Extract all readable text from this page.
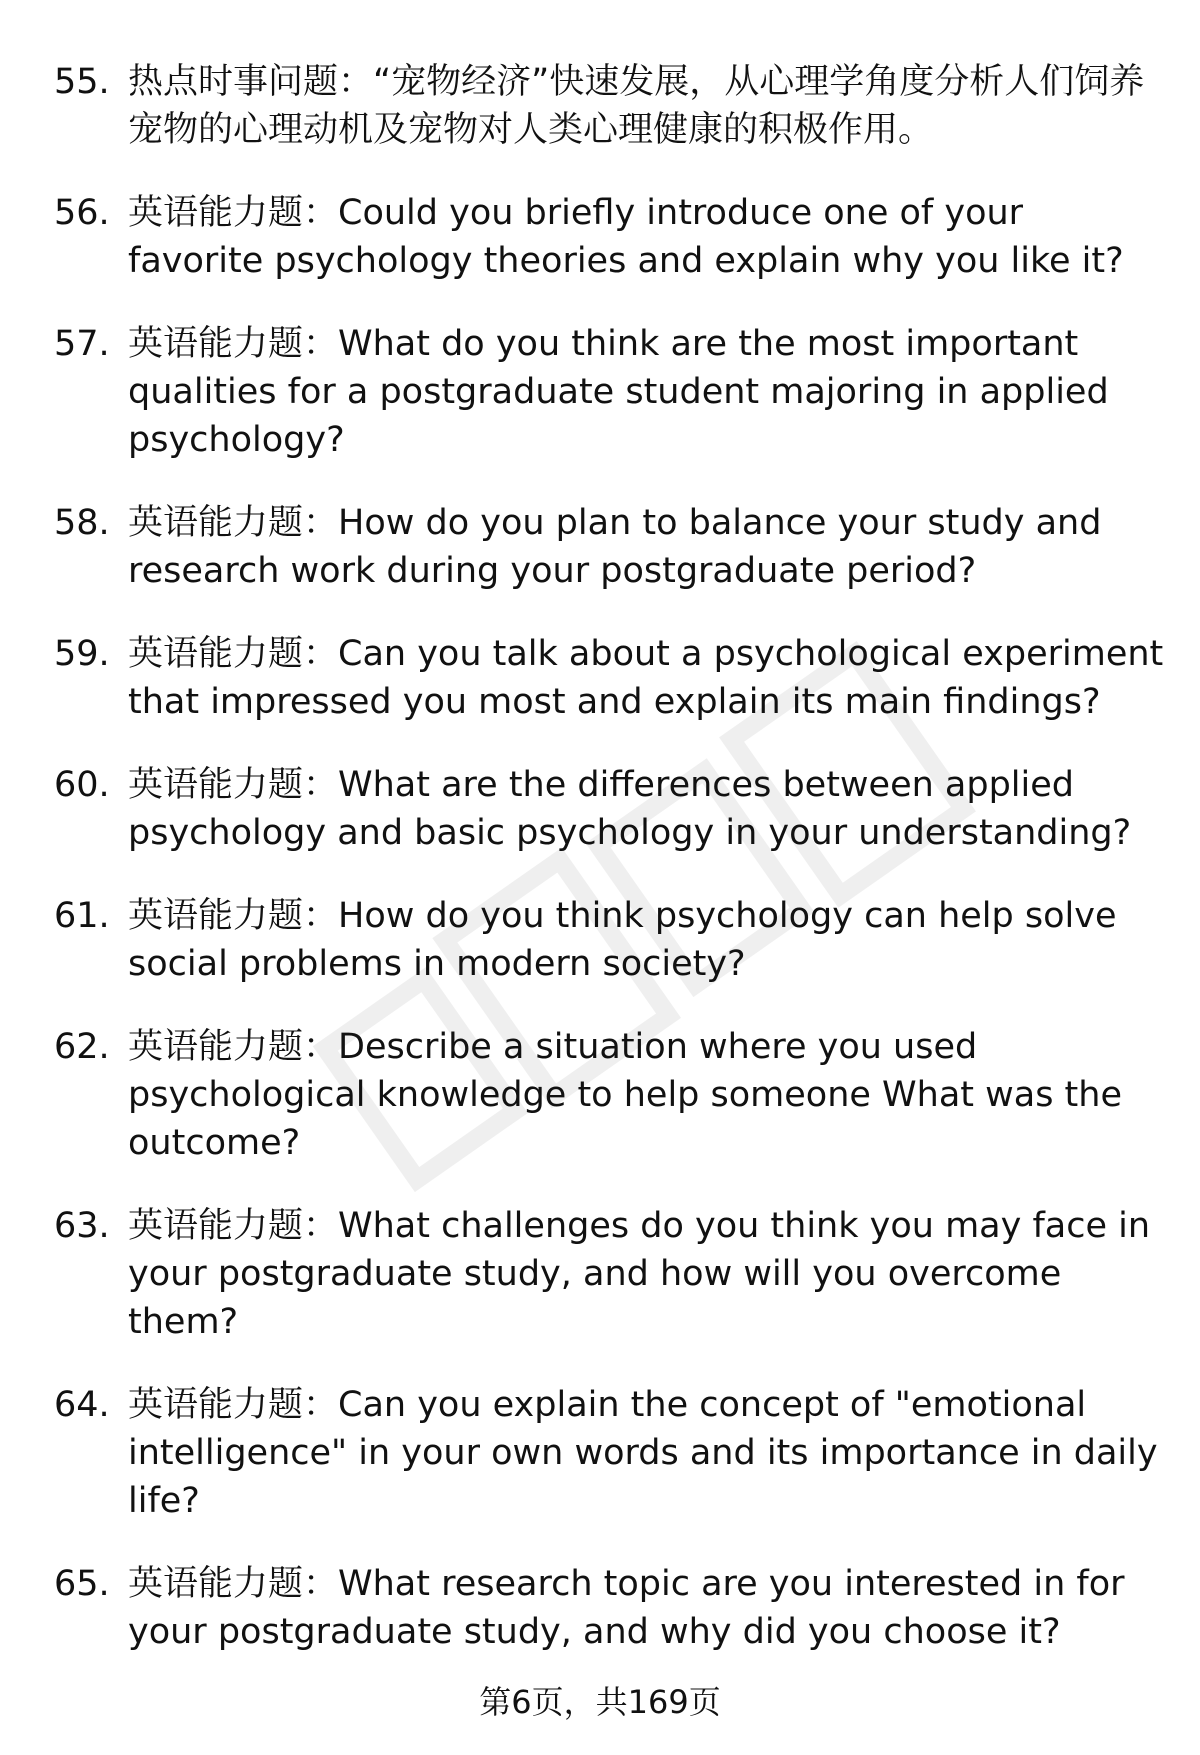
55. 热点时事问题：“宠物经济”快速发展，从心理学角度分析人们饲养宠物的心理动机及宠物对人类心理健康的积极作用。
56. 英语能力题：Could you briefly introduce one of your favorite psychology theories and explain why you like it?
57. 英语能力题：What do you think are the most important qualities for a postgraduate student majoring in applied psychology?
58. 英语能力题：How do you plan to balance your study and research work during your postgraduate period?
59. 英语能力题：Can you talk about a psychological experiment that impressed you most and explain its main findings?
60. 英语能力题：What are the differences between applied psychology and basic psychology in your understanding?
61. 英语能力题：How do you think psychology can help solve social problems in modern society?
62. 英语能力题：Describe a situation where you used psychological knowledge to help someone What was the outcome?
63. 英语能力题：What challenges do you think you may face in your postgraduate study, and how will you overcome them?
64. 英语能力题：Can you explain the concept of "emotional intelligence" in your own words and its importance in daily life?
65. 英语能力题：What research topic are you interested in for your postgraduate study, and why did you choose it?
第6页，共169页
